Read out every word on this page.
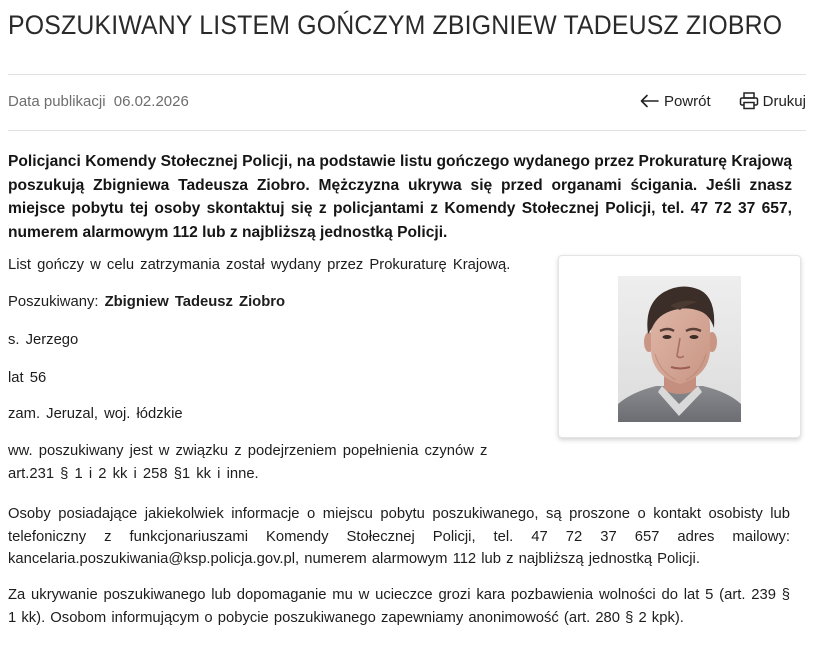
POSZUKIWANY LISTEM GOŃCZYM ZBIGNIEW TADEUSZ ZIOBRO
Data publikacji 06.02.2026	Powrót	Drukuj
Policjanci Komendy Stołecznej Policji, na podstawie listu gończego wydanego przez Prokuraturę Krajową poszukują Zbigniewa Tadeusza Ziobro. Mężczyzna ukrywa się przed organami ścigania. Jeśli znasz miejsce pobytu tej osoby skontaktuj się z policjantami z Komendy Stołecznej Policji, tel. 47 72 37 657, numerem alarmowym 112 lub z najbliższą jednostką Policji.
List gończy w celu zatrzymania został wydany przez Prokuraturę Krajową.
Poszukiwany: Zbigniew Tadeusz Ziobro
s. Jerzego
lat 56
zam. Jeruzal, woj. łódzkie
ww. poszukiwany jest w związku z podejrzeniem popełnienia czynów z
art.231 § 1 i 2 kk i 258 §1 kk i inne.
Osoby posiadające jakiekolwiek informacje o miejscu pobytu poszukiwanego, są proszone o kontakt osobisty lub telefoniczny z funkcjonariuszami Komendy Stołecznej Policji, tel. 47 72 37 657 adres mailowy: kancelaria.poszukiwania@ksp.policja.gov.pl, numerem alarmowym 112 lub z najbliższą jednostką Policji.
Za ukrywanie poszukiwanego lub dopomaganie mu w ucieczce grozi kara pozbawienia wolności do lat 5 (art. 239 § 1 kk). Osobom informującym o pobycie poszukiwanego zapewniamy anonimowość (art. 280 § 2 kpk).
